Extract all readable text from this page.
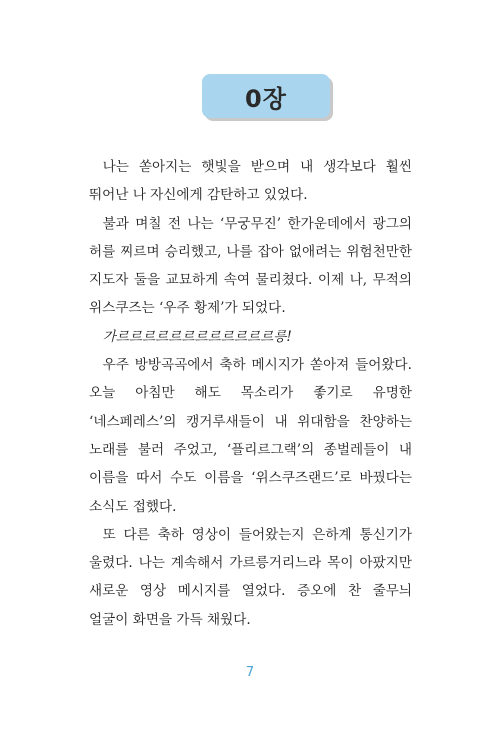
0장

나는 쏟아지는 햇빛을 받으며 내 생각보다 훨씬 뛰어난 나 자신에게 감탄하고 있었다.

불과 며칠 전 나는 ‘무궁무진’ 한가운데에서 광그의 허를 찌르며 승리했고, 나를 잡아 없애려는 위험천만한 지도자 둘을 교묘하게 속여 물리쳤다. 이제 나, 무적의 위스쿠즈는 ‘우주 황제’가 되었다.

가르르르르르르르르르르르르릉!

우주 방방곡곡에서 축하 메시지가 쏟아져 들어왔다. 오늘 아침만 해도 목소리가 좋기로 유명한 ‘네스페레스’의 캥거루새들이 내 위대함을 찬양하는 노래를 불러 주었고, ‘플리르그랙’의 종벌레들이 내 이름을 따서 수도 이름을 ‘위스쿠즈랜드’로 바꿨다는 소식도 접했다.

또 다른 축하 영상이 들어왔는지 은하계 통신기가 울렸다. 나는 계속해서 가르릉거리느라 목이 아팠지만 새로운 영상 메시지를 열었다. 증오에 찬 줄무늬 얼굴이 화면을 가득 채웠다.

7
